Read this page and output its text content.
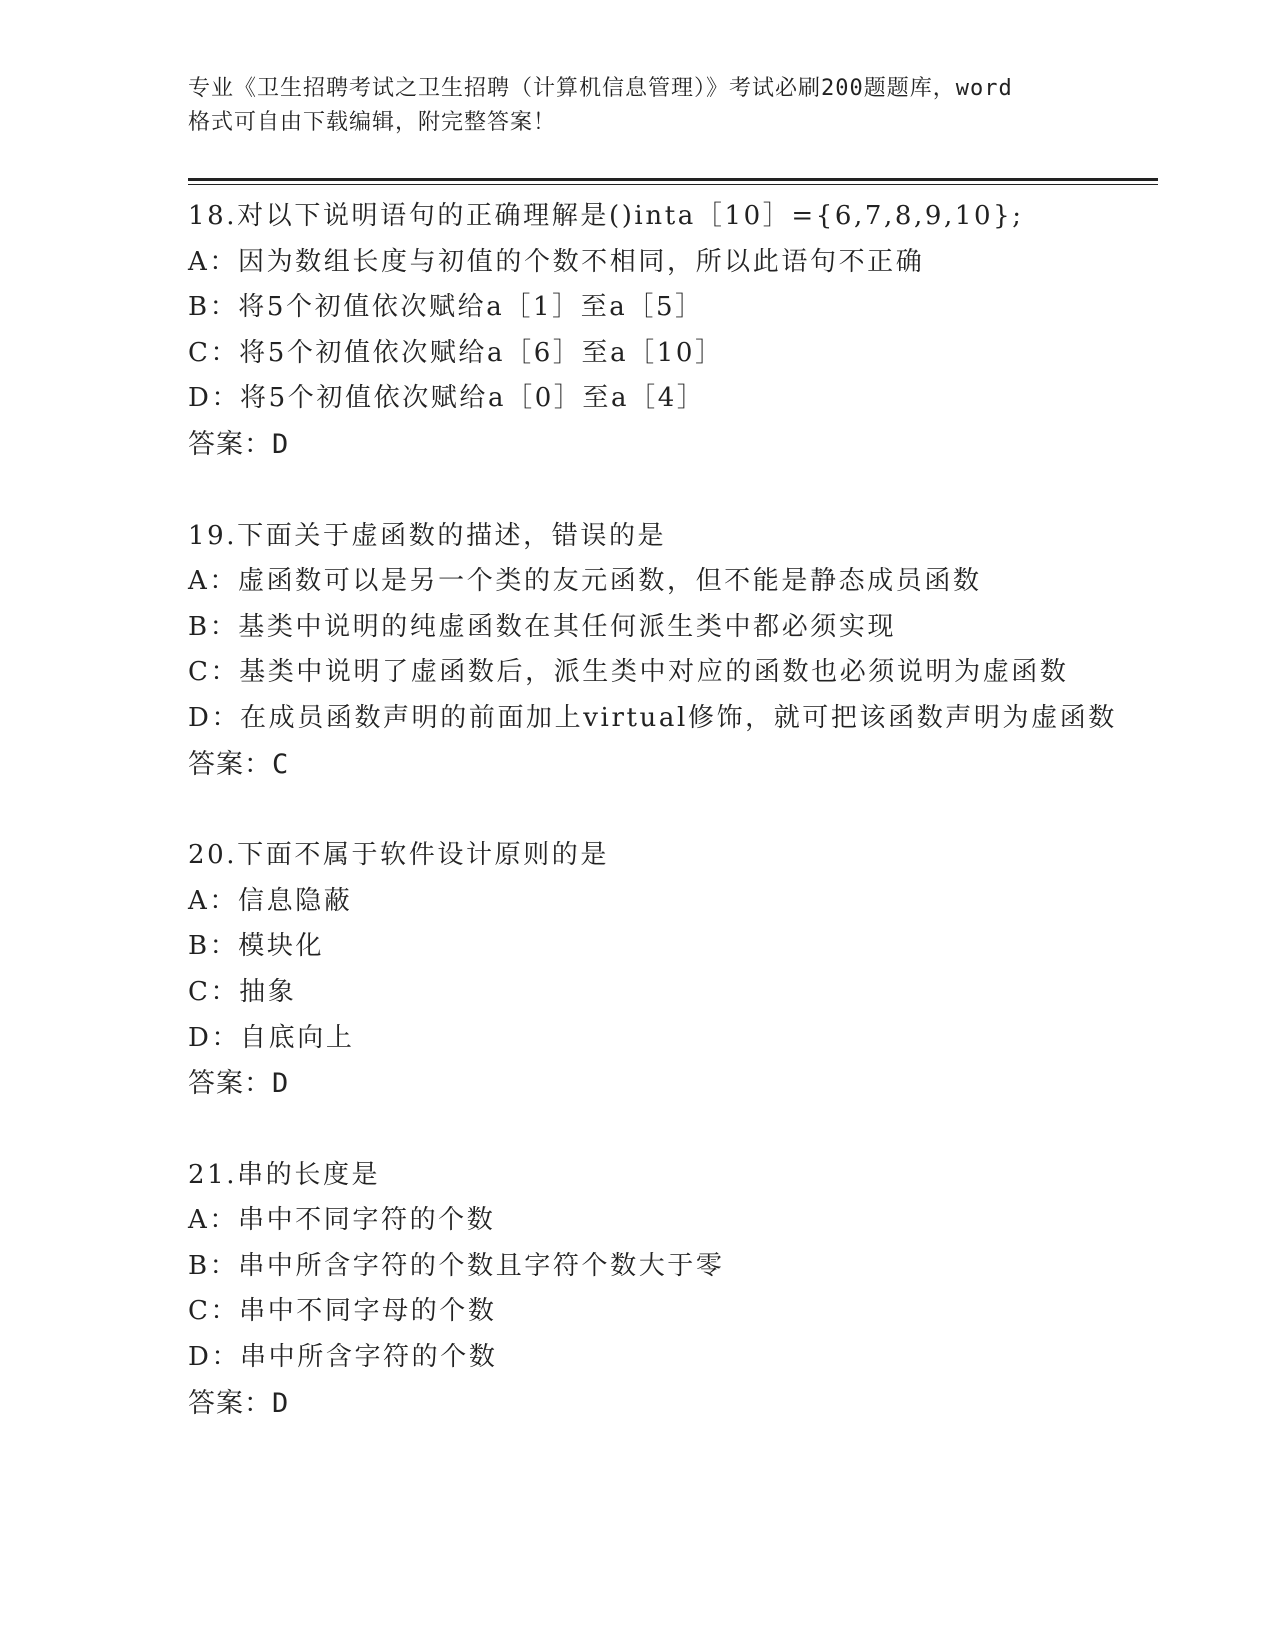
专业《卫生招聘考试之卫生招聘（计算机信息管理）》考试必刷200题题库，word
格式可自由下载编辑，附完整答案！
18.对以下说明语句的正确理解是()inta［10］={6,7,8,9,10};
A：因为数组长度与初值的个数不相同，所以此语句不正确
B：将5个初值依次赋给a［1］至a［5］
C：将5个初值依次赋给a［6］至a［10］
D：将5个初值依次赋给a［0］至a［4］
答案：D
19.下面关于虚函数的描述，错误的是
A：虚函数可以是另一个类的友元函数，但不能是静态成员函数
B：基类中说明的纯虚函数在其任何派生类中都必须实现
C：基类中说明了虚函数后，派生类中对应的函数也必须说明为虚函数
D：在成员函数声明的前面加上virtual修饰，就可把该函数声明为虚函数
答案：C
20.下面不属于软件设计原则的是
A：信息隐蔽
B：模块化
C：抽象
D：自底向上
答案：D
21.串的长度是
A：串中不同字符的个数
B：串中所含字符的个数且字符个数大于零
C：串中不同字母的个数
D：串中所含字符的个数
答案：D
